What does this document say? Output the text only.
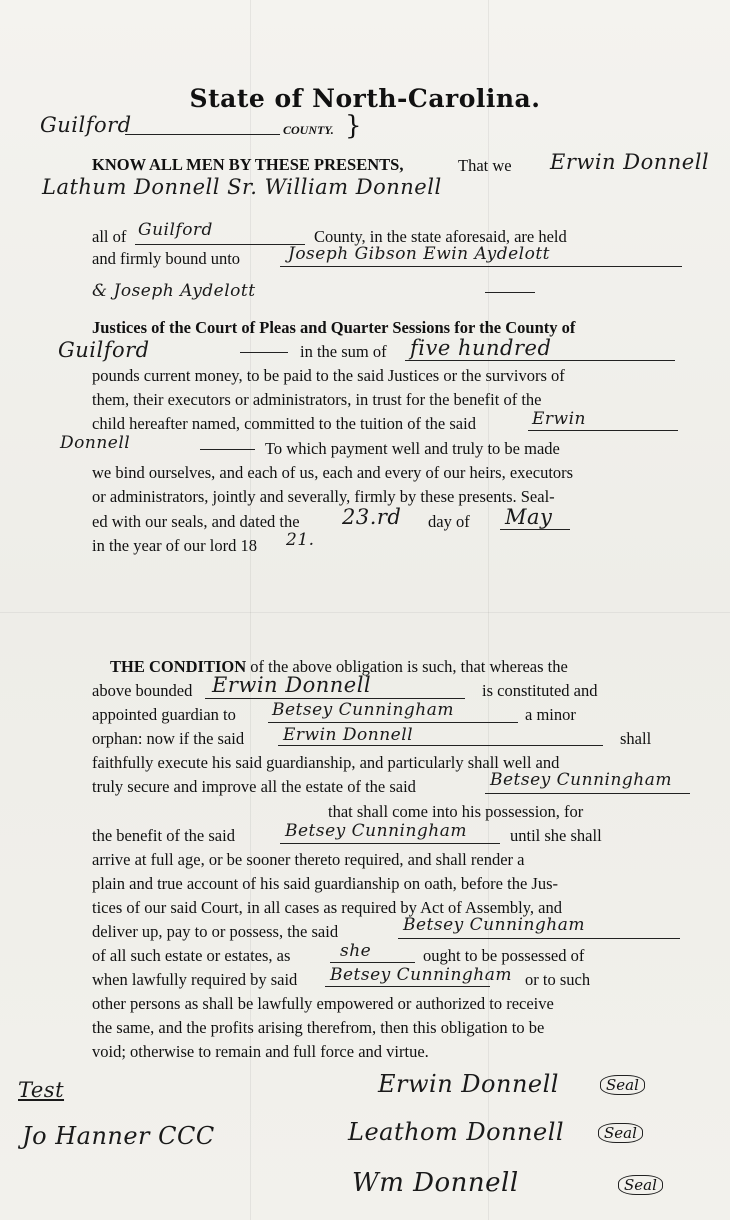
State of North-Carolina.
Guilford	COUNTY. }
KNOW ALL MEN BY THESE PRESENTS,	That we Erwin Donnell
Lathum Donnell Sr. William Donnell
all of Guilford	County, in the state aforesaid, are held
and firmly bound unto	Joseph Gibson Ewin Aydelott
& Joseph Aydelott
Justices of the Court of Pleas and Quarter Sessions for the County of
Guilford	in the sum of five hundred
pounds current money, to be paid to the said Justices or the survivors of
them, their executors or administrators, in trust for the benefit of the
child hereafter named, committed to the tuition of the said	Erwin
Donnell	To which payment well and truly to be made
we bind ourselves, and each of us, each and every of our heirs, executors
or administrators, jointly and severally, firmly by these presents. Seal-
ed with our seals, and dated the 23.rd day of May
in the year of our lord 18 21.
THE CONDITION of the above obligation is such, that whereas the
above bounded Erwin Donnell	is constituted and
appointed guardian to Betsey Cunningham	a minor
orphan: now if the said Erwin Donnell	shall
faithfully execute his said guardianship, and particularly shall well and
truly secure and improve all the estate of the said	Betsey Cunningham
that shall come into his possession, for
the benefit of the said	Betsey Cunningham	until she shall
arrive at full age, or be sooner thereto required, and shall render a
plain and true account of his said guardianship on oath, before the Jus-
tices of our said Court, in all cases as required by Act of Assembly, and
deliver up, pay to or possess, the said	Betsey Cunningham
of all such estate or estates, as	she	ought to be possessed of
when lawfully required by said Betsey Cunningham or to such
other persons as shall be lawfully empowered or authorized to receive
the same, and the profits arising therefrom, then this obligation to be
void; otherwise to remain and full force and virtue.
Test
Jo Hanner CCC
Erwin Donnell	Seal
Leathom Donnell	Seal
Wm Donnell	Seal
